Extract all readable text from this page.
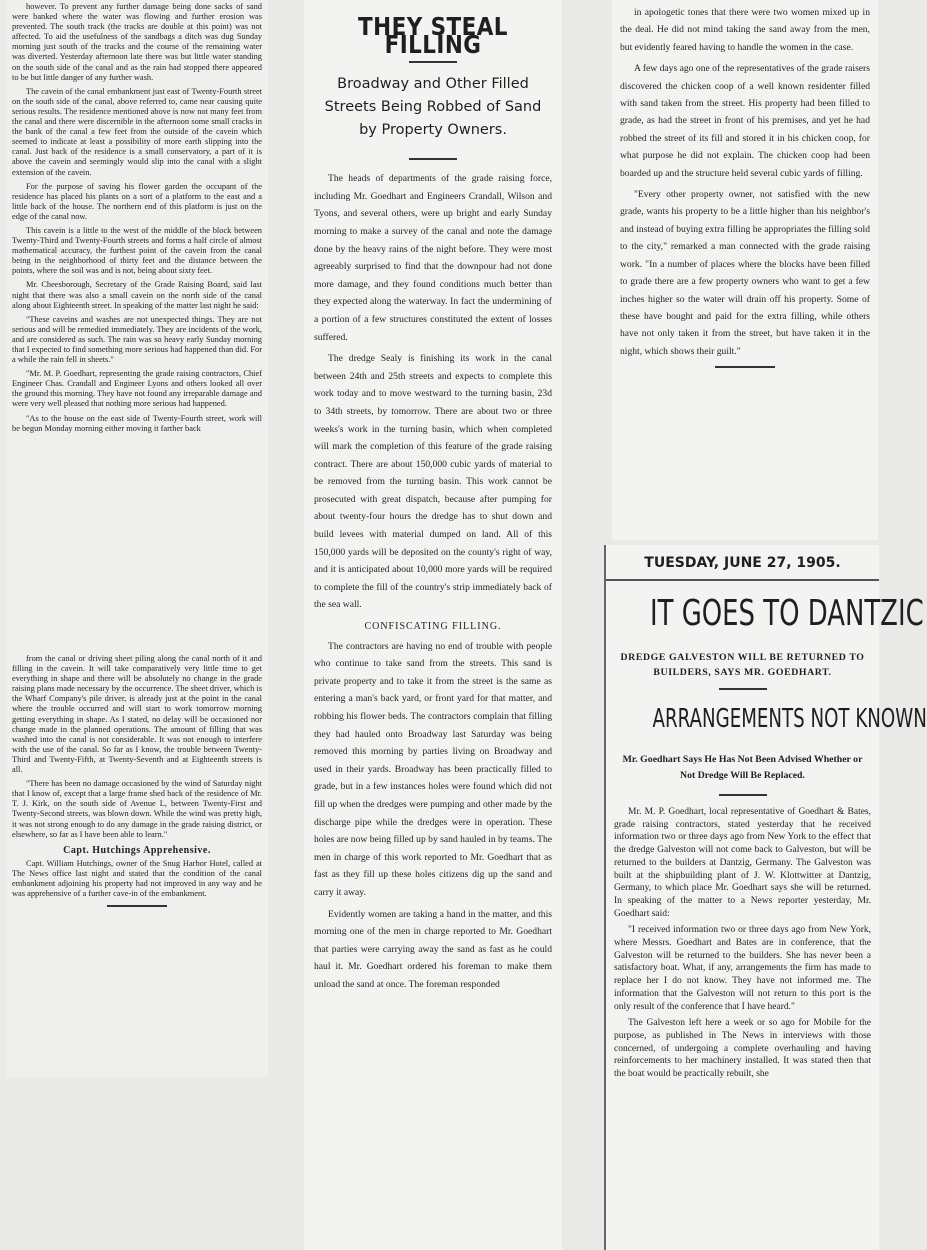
however. To prevent any further damage being done sacks of sand were banked where the water was flowing and further erosion was prevented. The south track (the tracks are double at this point) was not affected. To aid the usefulness of the sandbags a ditch was dug Sunday morning just south of the tracks and the course of the remaining water was diverted. Yesterday afternoon late there was but little water standing on the south side of the canal and as the rain had stopped there appeared to be but little danger of any further wash.

The cavein of the canal embankment just east of Twenty-Fourth street on the south side of the canal, above referred to, came near causing quite serious results. The residence mentioned above is now not many feet from the canal and there were discernible in the afternoon some small cracks in the bank of the canal a few feet from the outside of the cavein which seemed to indicate at least a possibility of more earth slipping into the canal. Just back of the residence is a small conservatory, a part of it is above the cavein and seemingly would slip into the canal with a slight extension of the cavein.

For the purpose of saving his flower garden the occupant of the residence has placed his plants on a sort of a platform to the east and a little back of the house. The northern end of this platform is just on the edge of the canal now.

This cavein is a little to the west of the middle of the block between Twenty-Third and Twenty-Fourth streets and forms a half circle of almost mathematical accuracy, the furthest point of the cavein from the canal being in the neighborhood of thirty feet and the distance between the points, where the soil was and is not, being about sixty feet.

Mr. Cheesborough, Secretary of the Grade Raising Board, said last night that there was also a small cavein on the north side of the canal along about Eighteenth street. In speaking of the matter last night he said:

"These caveins and washes are not unexpected things. They are not serious and will be remedied immediately. They are incidents of the work, and are considered as such. The rain was so heavy early Sunday morning that I expected to find something more serious had happened than did. For a while the rain fell in sheets."

"Mr. M. P. Goedhart, representing the grade raising contractors, Chief Engineer Chas. Crandall and Engineer Lyons and others looked all over the ground this morning. They have not found any irreparable damage and were very well pleased that nothing more serious had happened.

"As to the house on the east side of Twenty-Fourth street, work will be begun Monday morning either moving it farther back

from the canal or driving sheet piling along the canal north of it and filling in the cavein. It will take comparatively very little time to get everything in shape and there will be absolutely no change in the grade raising plans made necessary by the occurrence. The sheet driver, which is the Wharf Company's pile driver, is already just at the point in the canal where the trouble occurred and will start to work tomorrow morning getting everything in shape. As I stated, no delay will be occasioned nor change made in the planned operations. The amount of filling that was washed into the canal is not considerable. It was not enough to interfere with the use of the canal. So far as I know, the trouble between Twenty-Third and Twenty-Fifth, at Twenty-Seventh and at Eighteenth streets is all.

"There has been no damage occasioned by the wind of Saturday night that I know of, except that a large frame shed back of the residence of Mr. T. J. Kirk, on the south side of Avenue L, between Twenty-First and Twenty-Second streets, was blown down. While the wind was pretty high, it was not strong enough to do any damage in the grade raising district, or elsewhere, so far as I have been able to learn."

Capt. Hutchings Apprehensive.

Capt. William Hutchings, owner of the Snug Harbor Hotel, called at The News office last night and stated that the condition of the canal embankment adjoining his property had not improved in any way and he was apprehensive of a further cave-in of the embankment.

THEY STEAL FILLING
Broadway and Other Filled Streets Being Robbed of Sand by Property Owners.

The heads of departments of the grade raising force, including Mr. Goedhart and Engineers Crandall, Wilson and Tyons, and several others, were up bright and early Sunday morning to make a survey of the canal and note the damage done by the heavy rains of the night before. They were most agreeably surprised to find that the downpour had not done more damage, and they found conditions much better than they expected along the waterway. In fact the undermining of a portion of a few structures constituted the extent of losses suffered.

The dredge Sealy is finishing its work in the canal between 24th and 25th streets and expects to complete this work today and to move westward to the turning basin, 23d to 34th streets, by tomorrow. There are about two or three weeks's work in the turning basin, which when completed will mark the completion of this feature of the grade raising contract. There are about 150,000 cubic yards of material to be removed from the turning basin. This work cannot be prosecuted with great dispatch, because after pumping for about twenty-four hours the dredge has to shut down and build levees with material dumped on land. All of this 150,000 yards will be deposited on the county's right of way, and it is anticipated about 10,000 more yards will be required to complete the fill of the country's strip immediately back of the sea wall.

CONFISCATING FILLING.

The contractors are having no end of trouble with people who continue to take sand from the streets. This sand is private property and to take it from the street is the same as entering a man's back yard, or front yard for that matter, and robbing his flower beds. The contractors complain that filling they had hauled onto Broadway last Saturday was being removed this morning by parties living on Broadway and used in their yards. Broadway has been practically filled to grade, but in a few instances holes were found which did not fill up when the dredges were pumping and other made by the discharge pipe while the dredges were in operation. These holes are now being filled up by sand hauled in by teams. The men in charge of this work reported to Mr. Goedhart that as fast as they fill up these holes citizens dig up the sand and carry it away.

Evidently women are taking a hand in the matter, and this morning one of the men in charge reported to Mr. Goedhart that parties were carrying away the sand as fast as he could haul it. Mr. Goedhart ordered his foreman to make them unload the sand at once. The foreman responded

in apologetic tones that there were two women mixed up in the deal. He did not mind taking the sand away from the men, but evidently feared having to handle the women in the case.

A few days ago one of the representatives of the grade raisers discovered the chicken coop of a well known residenter filled with sand taken from the street. His property had been filled to grade, as had the street in front of his premises, and yet he had robbed the street of its fill and stored it in his chicken coop, for what purpose he did not explain. The chicken coop had been boarded up and the structure held several cubic yards of filling.

"Every other property owner, not satisfied with the new grade, wants his property to be a little higher than his neighbor's and instead of buying extra filling he appropriates the filling sold to the city," remarked a man connected with the grade raising work. "In a number of places where the blocks have been filled to grade there are a few property owners who want to get a few inches higher so the water will drain off his property. Some of these have bought and paid for the extra filling, while others have not only taken it from the street, but have taken it in the night, which shows their guilt."

TUESDAY, JUNE 27, 1905.
IT GOES TO DANTZIC
DREDGE GALVESTON WILL BE RETURNED TO BUILDERS, SAYS MR. GOEDHART.
ARRANGEMENTS NOT KNOWN
Mr. Goedhart Says He Has Not Been Advised Whether or Not Dredge Will Be Replaced.

Mr. M. P. Goedhart, local representative of Goedhart & Bates, grade raising contractors, stated yesterday that he received information two or three days ago from New York to the effect that the dredge Galveston will not come back to Galveston, but will be returned to the builders at Dantzig, Germany. The Galveston was built at the shipbuilding plant of J. W. Klottwitter at Dantzig, Germany, to which place Mr. Goedhart says she will be returned. In speaking of the matter to a News reporter yesterday, Mr. Goedhart said:

"I received information two or three days ago from New York, where Messrs. Goedhart and Bates are in conference, that the Galveston will be returned to the builders. She has never been a satisfactory boat. What, if any, arrangements the firm has made to replace her I do not know. They have not informed me. The information that the Galveston will not return to this port is the only result of the conference that I have heard."

The Galveston left here a week or so ago for Mobile for the purpose, as published in The News in interviews with those concerned, of undergoing a complete overhauling and having reinforcements to her machinery installed. It was stated then that the boat would be practically rebuilt, she
